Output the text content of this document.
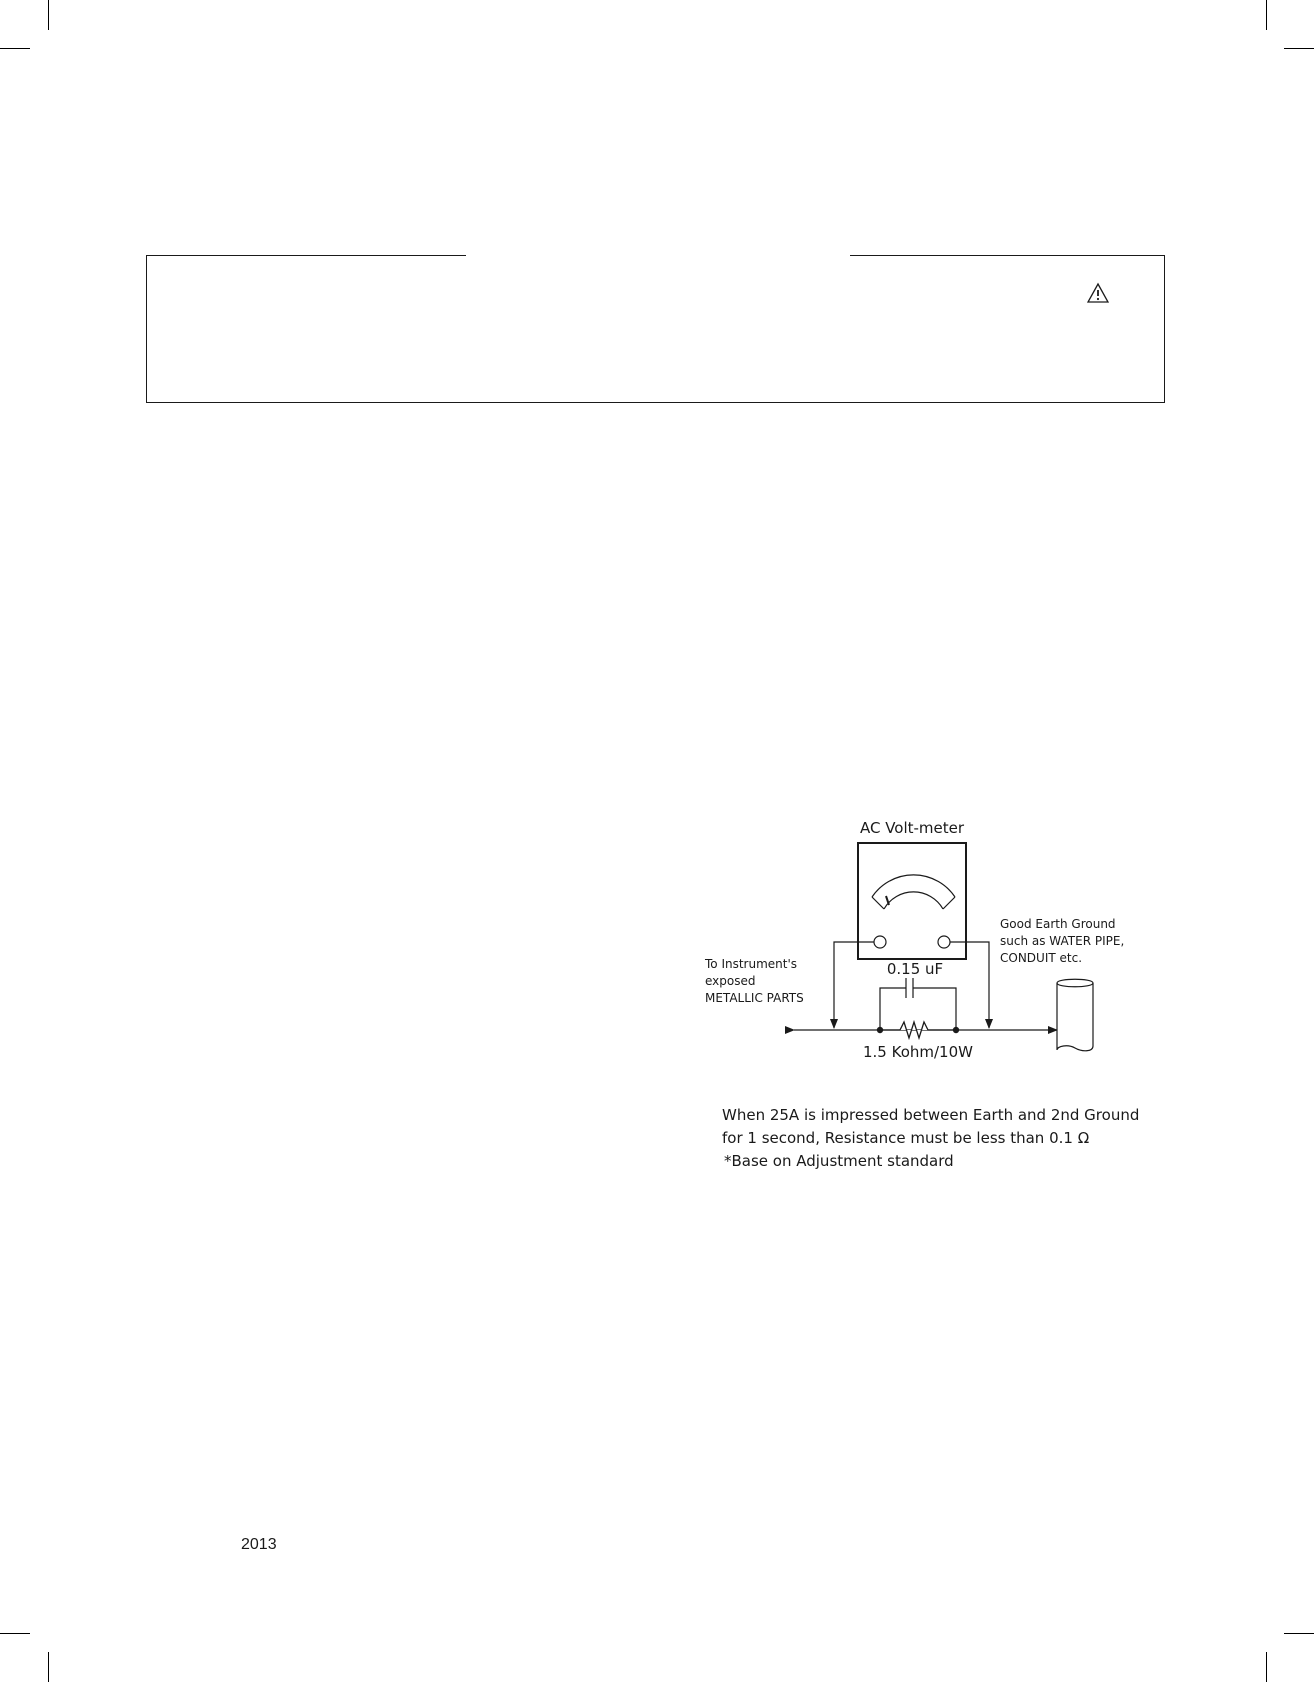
AC Volt-meter
0.15 uF
1.5 Kohm/10W
To Instrument's
exposed
METALLIC PARTS
Good Earth Ground
such as WATER PIPE,
CONDUIT etc.
When 25A is impressed between Earth and 2nd Ground
for 1 second, Resistance must be less than 0.1 Ω
*Base on Adjustment standard
2013
